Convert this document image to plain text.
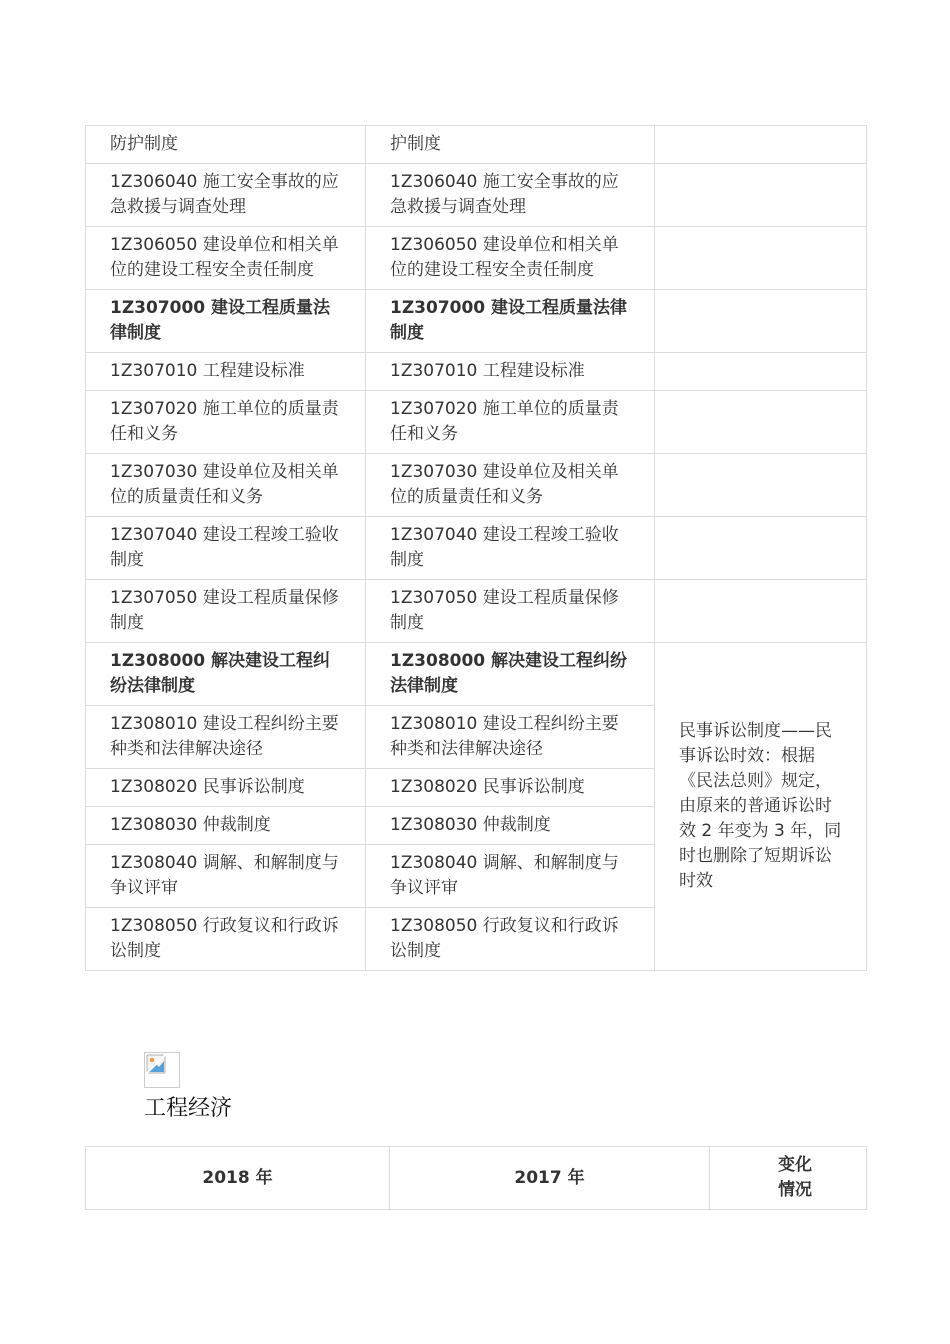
防护制度	护制度	
1Z306040 施工安全事故的应急救援与调查处理	1Z306040 施工安全事故的应急救援与调查处理	
1Z306050 建设单位和相关单位的建设工程安全责任制度	1Z306050 建设单位和相关单位的建设工程安全责任制度	
1Z307000 建设工程质量法律制度	1Z307000 建设工程质量法律制度	
1Z307010 工程建设标准	1Z307010 工程建设标准	
1Z307020 施工单位的质量责任和义务	1Z307020 施工单位的质量责任和义务	
1Z307030 建设单位及相关单位的质量责任和义务	1Z307030 建设单位及相关单位的质量责任和义务	
1Z307040 建设工程竣工验收制度	1Z307040 建设工程竣工验收制度	
1Z307050 建设工程质量保修制度	1Z307050 建设工程质量保修制度	
1Z308000 解决建设工程纠纷法律制度	1Z308000 解决建设工程纠纷法律制度	民事诉讼制度——民事诉讼时效：根据《民法总则》规定，由原来的普通诉讼时效 2 年变为 3 年，同时也删除了短期诉讼时效
1Z308010 建设工程纠纷主要种类和法律解决途径	1Z308010 建设工程纠纷主要种类和法律解决途径	
1Z308020 民事诉讼制度	1Z308020 民事诉讼制度	
1Z308030 仲裁制度	1Z308030 仲裁制度	
1Z308040 调解、和解制度与争议评审	1Z308040 调解、和解制度与争议评审	
1Z308050 行政复议和行政诉讼制度	1Z308050 行政复议和行政诉讼制度	
工程经济
2018 年	2017 年	变化情况
